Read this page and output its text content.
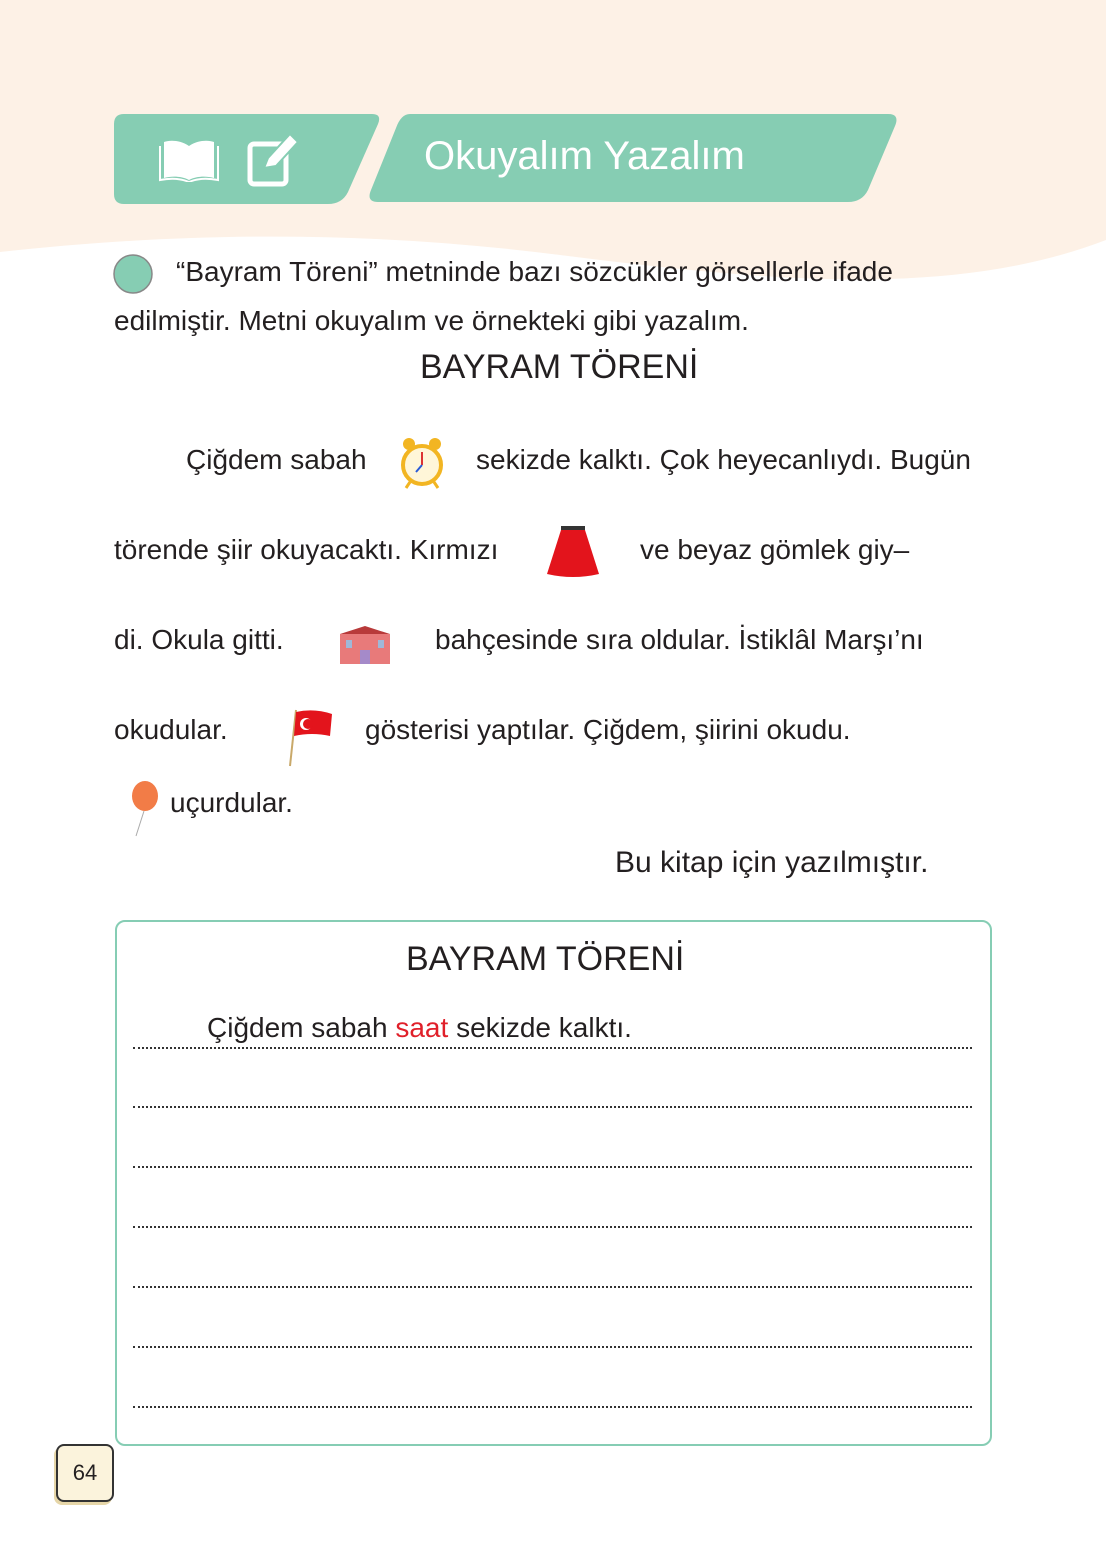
Okuyalım Yazalım
“Bayram Töreni” metninde bazı sözcükler görsellerle ifade
edilmiştir. Metni okuyalım ve örnekteki gibi yazalım.
BAYRAM TÖRENİ
Çiğdem sabah	sekizde kalktı. Çok heyecanlıydı. Bugün
törende şiir okuyacaktı. Kırmızı	ve beyaz gömlek giy–
di. Okula gitti.	bahçesinde sıra oldular. İstiklâl Marşı’nı
okudular.	gösterisi yaptılar. Çiğdem, şiirini okudu.
uçurdular.
Bu kitap için yazılmıştır.
BAYRAM TÖRENİ
Çiğdem sabah saat sekizde kalktı.
64
